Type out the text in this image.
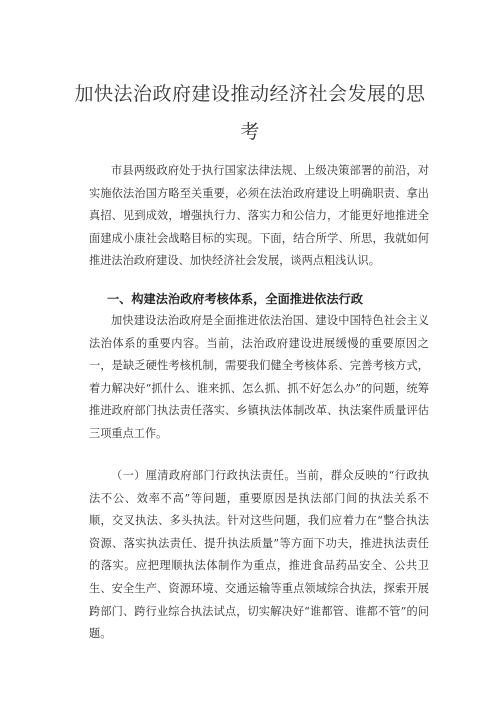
加快法治政府建设推动经济社会发展的思
考

市县两级政府处于执行国家法律法规、上级决策部署的前沿，对实施依法治国方略至关重要，必须在法治政府建设上明确职责、拿出真招、见到成效，增强执行力、落实力和公信力，才能更好地推进全面建成小康社会战略目标的实现。下面，结合所学、所思，我就如何推进法治政府建设、加快经济社会发展，谈两点粗浅认识。

一、构建法治政府考核体系，全面推进依法行政

加快建设法治政府是全面推进依法治国、建设中国特色社会主义法治体系的重要内容。当前，法治政府建设进展缓慢的重要原因之一，是缺乏硬性考核机制，需要我们健全考核体系、完善考核方式，着力解决好“抓什么、谁来抓、怎么抓、抓不好怎么办”的问题，统筹推进政府部门执法责任落实、乡镇执法体制改革、执法案件质量评估三项重点工作。

（一）厘清政府部门行政执法责任。当前，群众反映的“行政执法不公、效率不高”等问题，重要原因是执法部门间的执法关系不顺，交叉执法、多头执法。针对这些问题，我们应着力在“整合执法资源、落实执法责任、提升执法质量”等方面下功夫，推进执法责任的落实。应把理顺执法体制作为重点，推进食品药品安全、公共卫生、安全生产、资源环境、交通运输等重点领域综合执法，探索开展跨部门、跨行业综合执法试点，切实解决好“谁都管、谁都不管”的问题。
